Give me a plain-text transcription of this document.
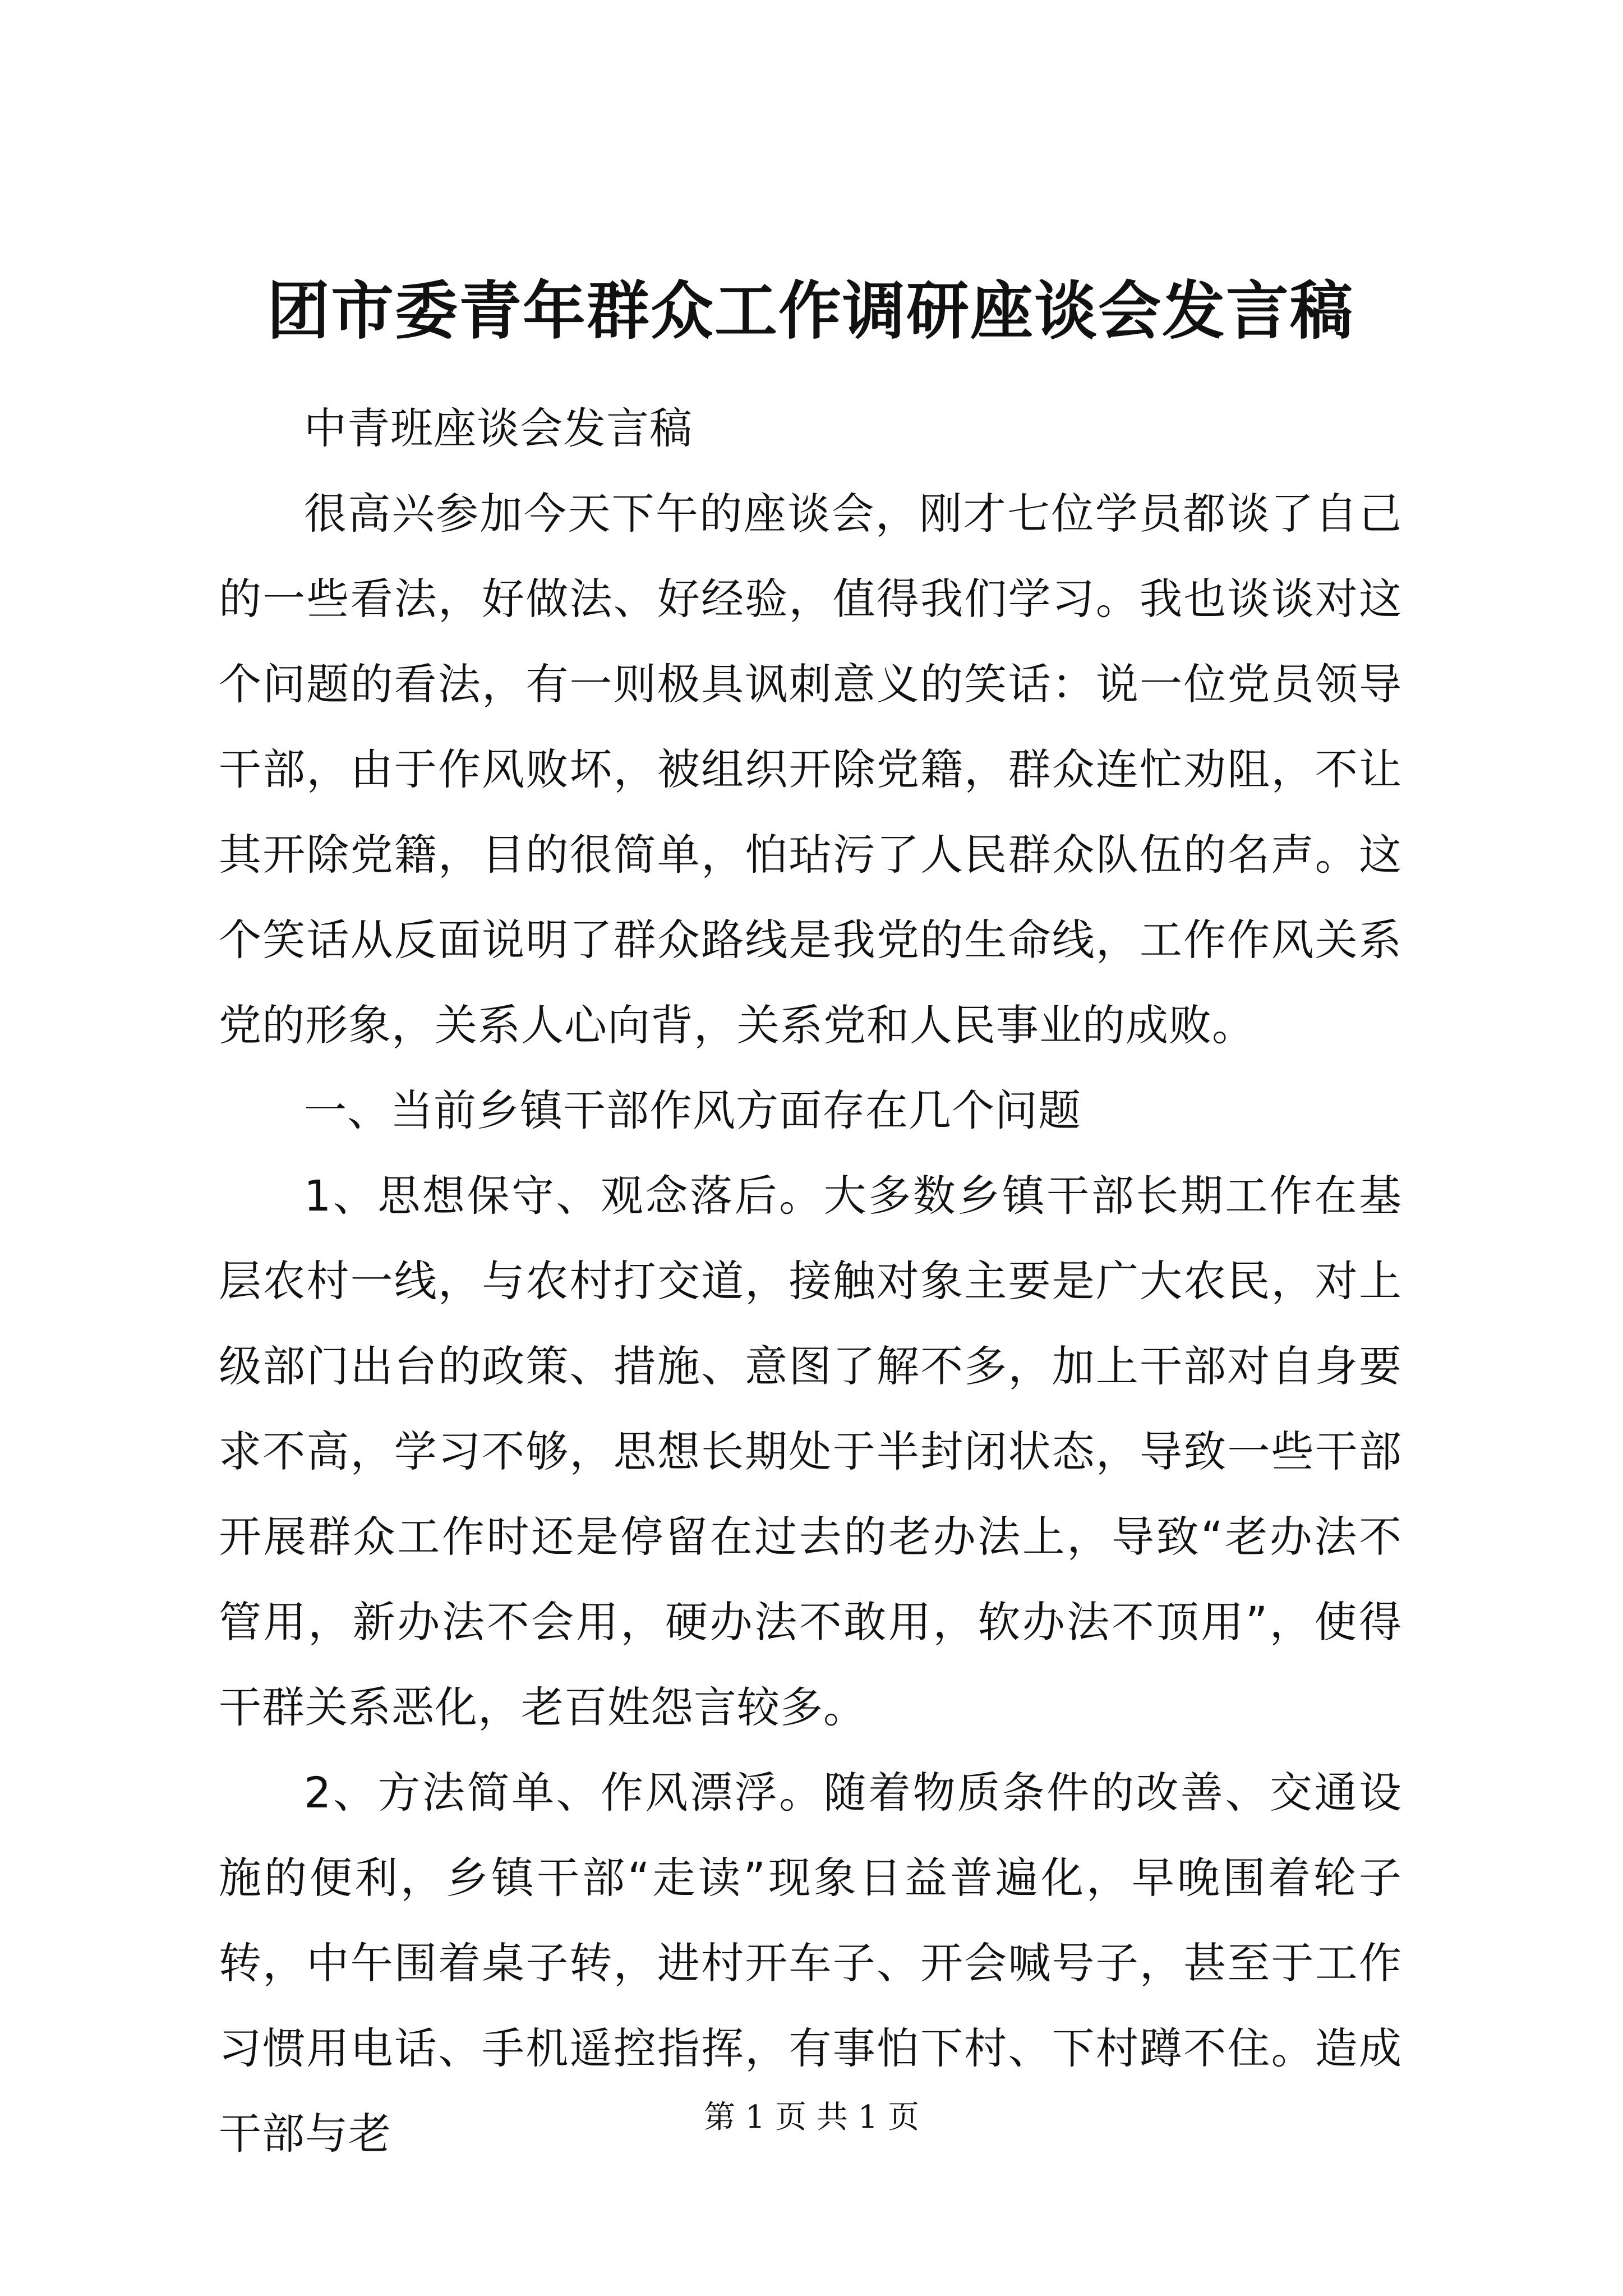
团市委青年群众工作调研座谈会发言稿

中青班座谈会发言稿

很高兴参加今天下午的座谈会，刚才七位学员都谈了自己的一些看法，好做法、好经验，值得我们学习。我也谈谈对这个问题的看法，有一则极具讽刺意义的笑话：说一位党员领导干部，由于作风败坏，被组织开除党籍，群众连忙劝阻，不让其开除党籍，目的很简单，怕玷污了人民群众队伍的名声。这个笑话从反面说明了群众路线是我党的生命线，工作作风关系党的形象，关系人心向背，关系党和人民事业的成败。

一、当前乡镇干部作风方面存在几个问题

1、思想保守、观念落后。大多数乡镇干部长期工作在基层农村一线，与农村打交道，接触对象主要是广大农民，对上级部门出台的政策、措施、意图了解不多，加上干部对自身要求不高，学习不够，思想长期处于半封闭状态，导致一些干部开展群众工作时还是停留在过去的老办法上，导致“老办法不管用，新办法不会用，硬办法不敢用，软办法不顶用”，使得干群关系恶化，老百姓怨言较多。

2、方法简单、作风漂浮。随着物质条件的改善、交通设施的便利，乡镇干部“走读”现象日益普遍化，早晚围着轮子转，中午围着桌子转，进村开车子、开会喊号子，甚至于工作习惯用电话、手机遥控指挥，有事怕下村、下村蹲不住。造成干部与老	第 1 页 共 1 页
